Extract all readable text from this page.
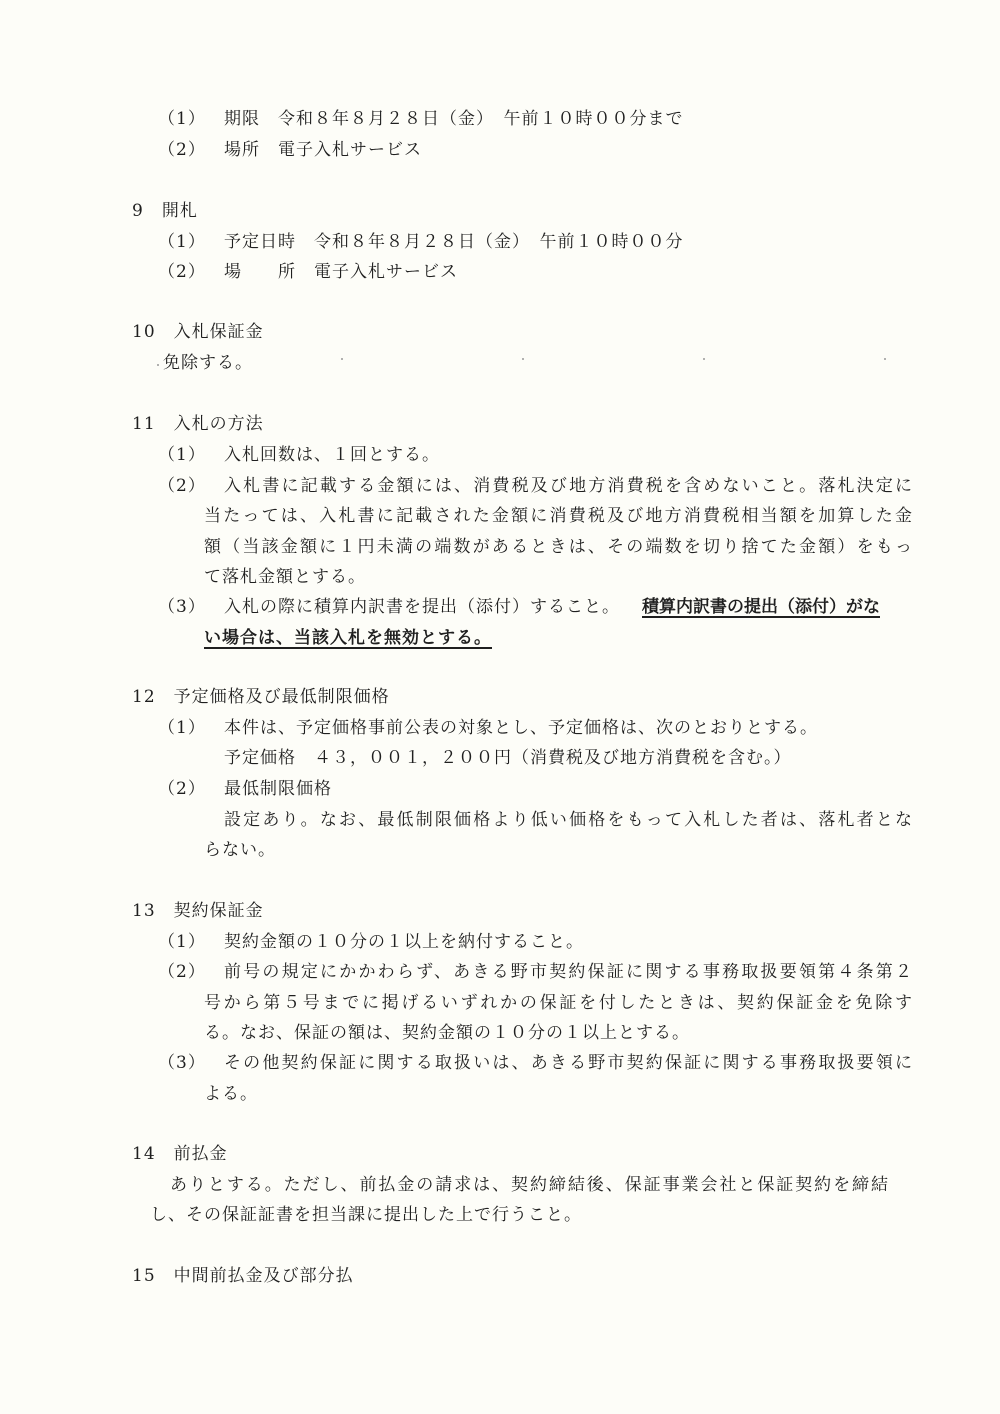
（1） 期限　令和８年８月２８日（金）　午前１０時００分まで
（2） 場所　電子入札サービス
9　開札
（1） 予定日時　令和８年８月２８日（金）　午前１０時００分
（2） 場　　所　電子入札サービス
10　入札保証金
免除する。
11　入札の方法
（1） 入札回数は、１回とする。
（2） 入札書に記載する金額には、消費税及び地方消費税を含めないこと。落札決定に
当たっては、入札書に記載された金額に消費税及び地方消費税相当額を加算した金
額（当該金額に１円未満の端数があるときは、その端数を切り捨てた金額）をもっ
て落札金額とする。
（3） 入札の際に積算内訳書を提出（添付）すること。 積算内訳書の提出（添付）がな
い場合は、当該入札を無効とする。
12　予定価格及び最低制限価格
（1） 本件は、予定価格事前公表の対象とし、予定価格は、次のとおりとする。
予定価格　４３，００１，２００円（消費税及び地方消費税を含む。）
（2） 最低制限価格
設定あり。なお、最低制限価格より低い価格をもって入札した者は、落札者とな
らない。
13　契約保証金
（1） 契約金額の１０分の１以上を納付すること。
（2） 前号の規定にかかわらず、あきる野市契約保証に関する事務取扱要領第４条第２
号から第５号までに掲げるいずれかの保証を付したときは、契約保証金を免除す
る。なお、保証の額は、契約金額の１０分の１以上とする。
（3） その他契約保証に関する取扱いは、あきる野市契約保証に関する事務取扱要領に
よる。
14　前払金
ありとする。ただし、前払金の請求は、契約締結後、保証事業会社と保証契約を締結
し、その保証証書を担当課に提出した上で行うこと。
15　中間前払金及び部分払
